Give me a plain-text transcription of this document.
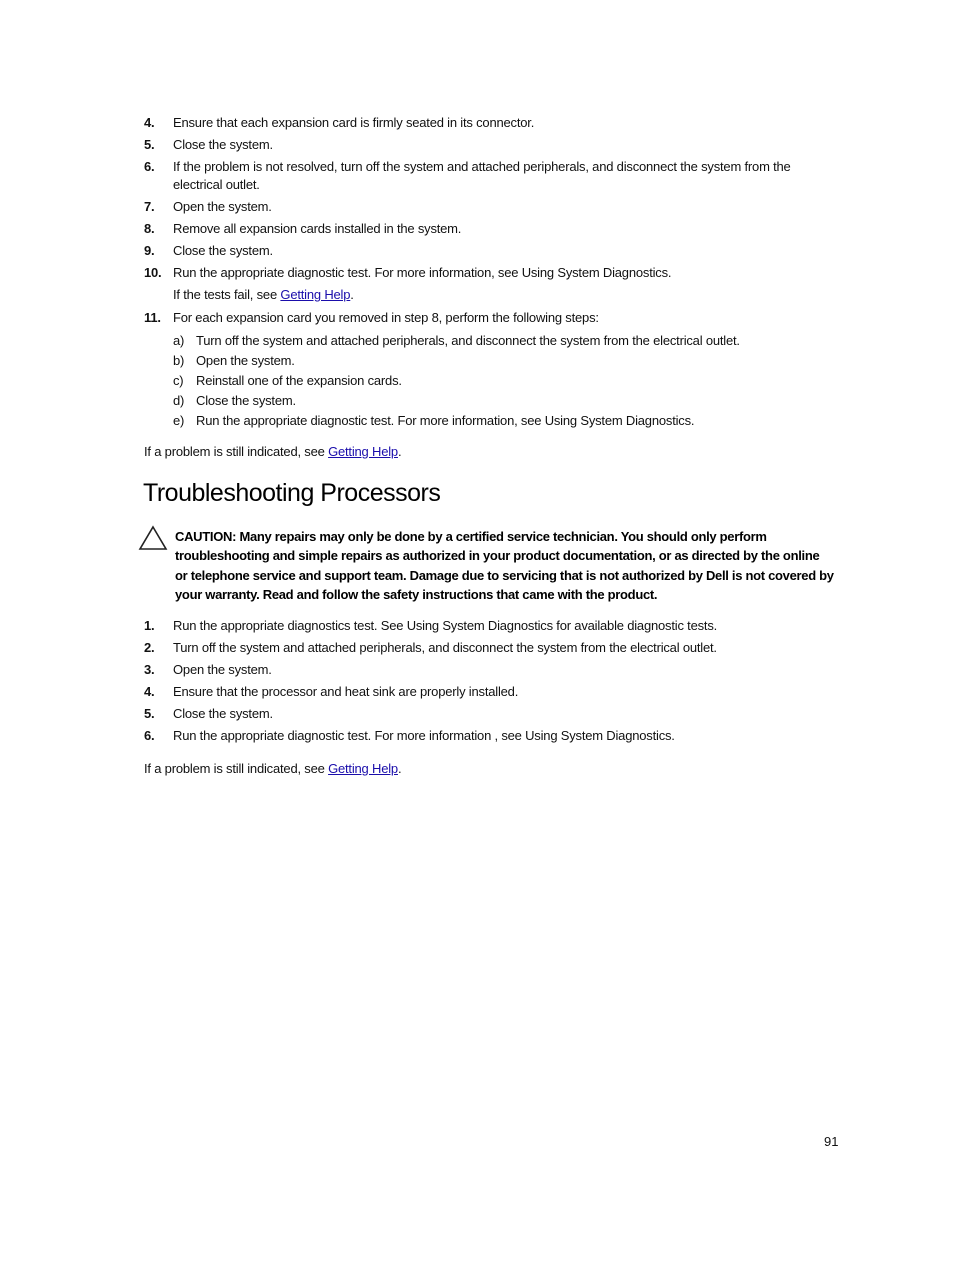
4. Ensure that each expansion card is firmly seated in its connector.
5. Close the system.
6. If the problem is not resolved, turn off the system and attached peripherals, and disconnect the system from the electrical outlet.
7. Open the system.
8. Remove all expansion cards installed in the system.
9. Close the system.
10. Run the appropriate diagnostic test. For more information, see Using System Diagnostics.
If the tests fail, see Getting Help.
11. For each expansion card you removed in step 8, perform the following steps:
a) Turn off the system and attached peripherals, and disconnect the system from the electrical outlet.
b) Open the system.
c) Reinstall one of the expansion cards.
d) Close the system.
e) Run the appropriate diagnostic test. For more information, see Using System Diagnostics.
If a problem is still indicated, see Getting Help.
Troubleshooting Processors
CAUTION: Many repairs may only be done by a certified service technician. You should only perform troubleshooting and simple repairs as authorized in your product documentation, or as directed by the online or telephone service and support team. Damage due to servicing that is not authorized by Dell is not covered by your warranty. Read and follow the safety instructions that came with the product.
1. Run the appropriate diagnostics test. See Using System Diagnostics for available diagnostic tests.
2. Turn off the system and attached peripherals, and disconnect the system from the electrical outlet.
3. Open the system.
4. Ensure that the processor and heat sink are properly installed.
5. Close the system.
6. Run the appropriate diagnostic test. For more information , see Using System Diagnostics.
If a problem is still indicated, see Getting Help.
91
